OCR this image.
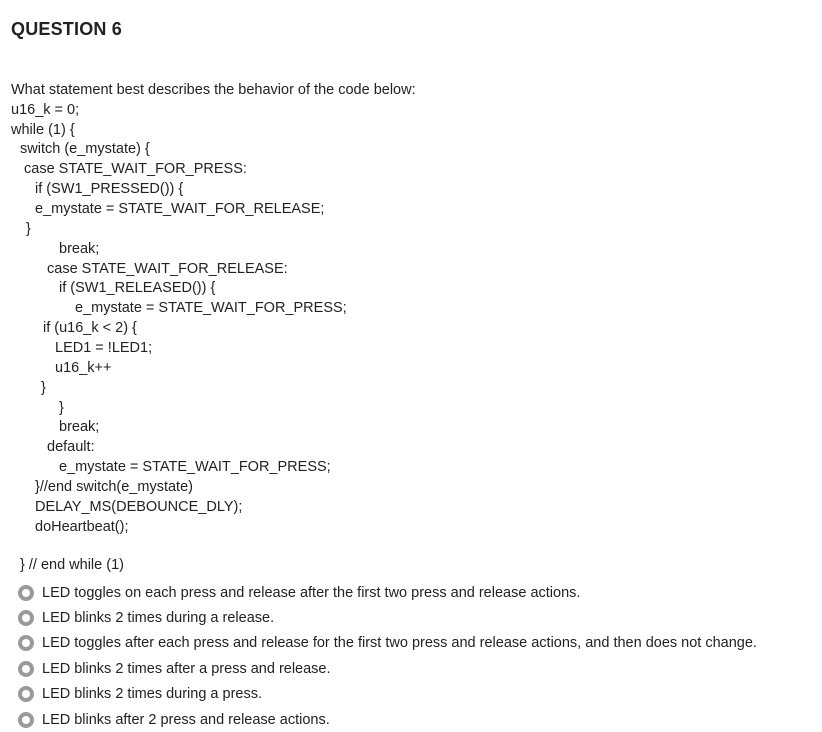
QUESTION 6
What statement best describes the behavior of the code below:
u16_k = 0;
while (1) {
switch (e_mystate) {
case STATE_WAIT_FOR_PRESS:
if (SW1_PRESSED()) {
e_mystate = STATE_WAIT_FOR_RELEASE;
}
break;
case STATE_WAIT_FOR_RELEASE:
if (SW1_RELEASED()) {
e_mystate = STATE_WAIT_FOR_PRESS;
if (u16_k < 2) {
LED1 = !LED1;
u16_k++
}
}
break;
default:
e_mystate = STATE_WAIT_FOR_PRESS;
}//end switch(e_mystate)
DELAY_MS(DEBOUNCE_DLY);
doHeartbeat();
} // end while (1)
LED toggles on each press and release after the first two press and release actions.
LED blinks 2 times during a release.
LED toggles after each press and release for the first two press and release actions, and then does not change.
LED blinks 2 times after a press and release.
LED blinks 2 times during a press.
LED blinks after 2 press and release actions.
